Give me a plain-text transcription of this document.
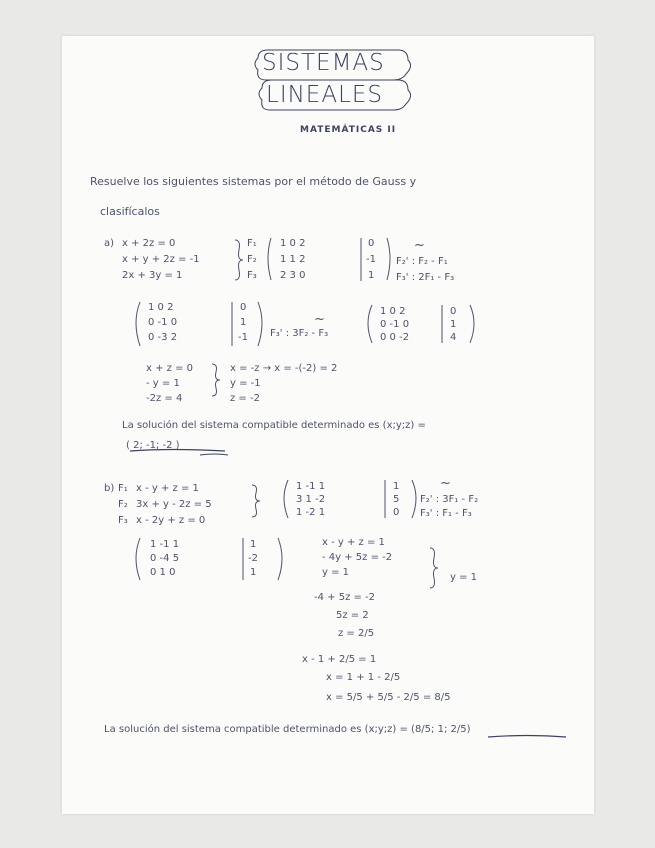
SISTEMAS
LINEALES
MATEMÁTICAS II
Resuelve los siguientes sistemas por el método de Gauss y
clasifícalos
a) x + 2z = 0
x + y + 2z = -1
2x + 3y = 1
F₁
F₂
F₃
1 0 2
1 1 2
2 3 0
0
-1
1
~
F₂' : F₂ - F₁
F₃' : 2F₁ - F₃
1 0 2
0 -1 0
0 -3 2
0
1
-1
~
F₃' : 3F₂ - F₃
1 0 2
0 -1 0
0 0 -2
0
1
4
x + z = 0
- y = 1
-2z = 4
x = -z → x = -(-2) = 2
y = -1
z = -2
La solución del sistema compatible determinado es (x;y;z) =
( 2; -1; -2 )
b) F₁
F₂
F₃
x - y + z = 1
3x + y - 2z = 5
x - 2y + z = 0
1 -1 1
3 1 -2
1 -2 1
1
5
0
~
F₂' : 3F₁ - F₂
F₃' : F₁ - F₃
1 -1 1
0 -4 5
0 1 0
1
-2
1
x - y + z = 1
- 4y + 5z = -2
y = 1	y = 1
-4 + 5z = -2
5z = 2
z = 2/5
x - 1 + 2/5 = 1
x = 1 + 1 - 2/5
x = 5/5 + 5/5 - 2/5 = 8/5
La solución del sistema compatible determinado es (x;y;z) = (8/5; 1; 2/5)
